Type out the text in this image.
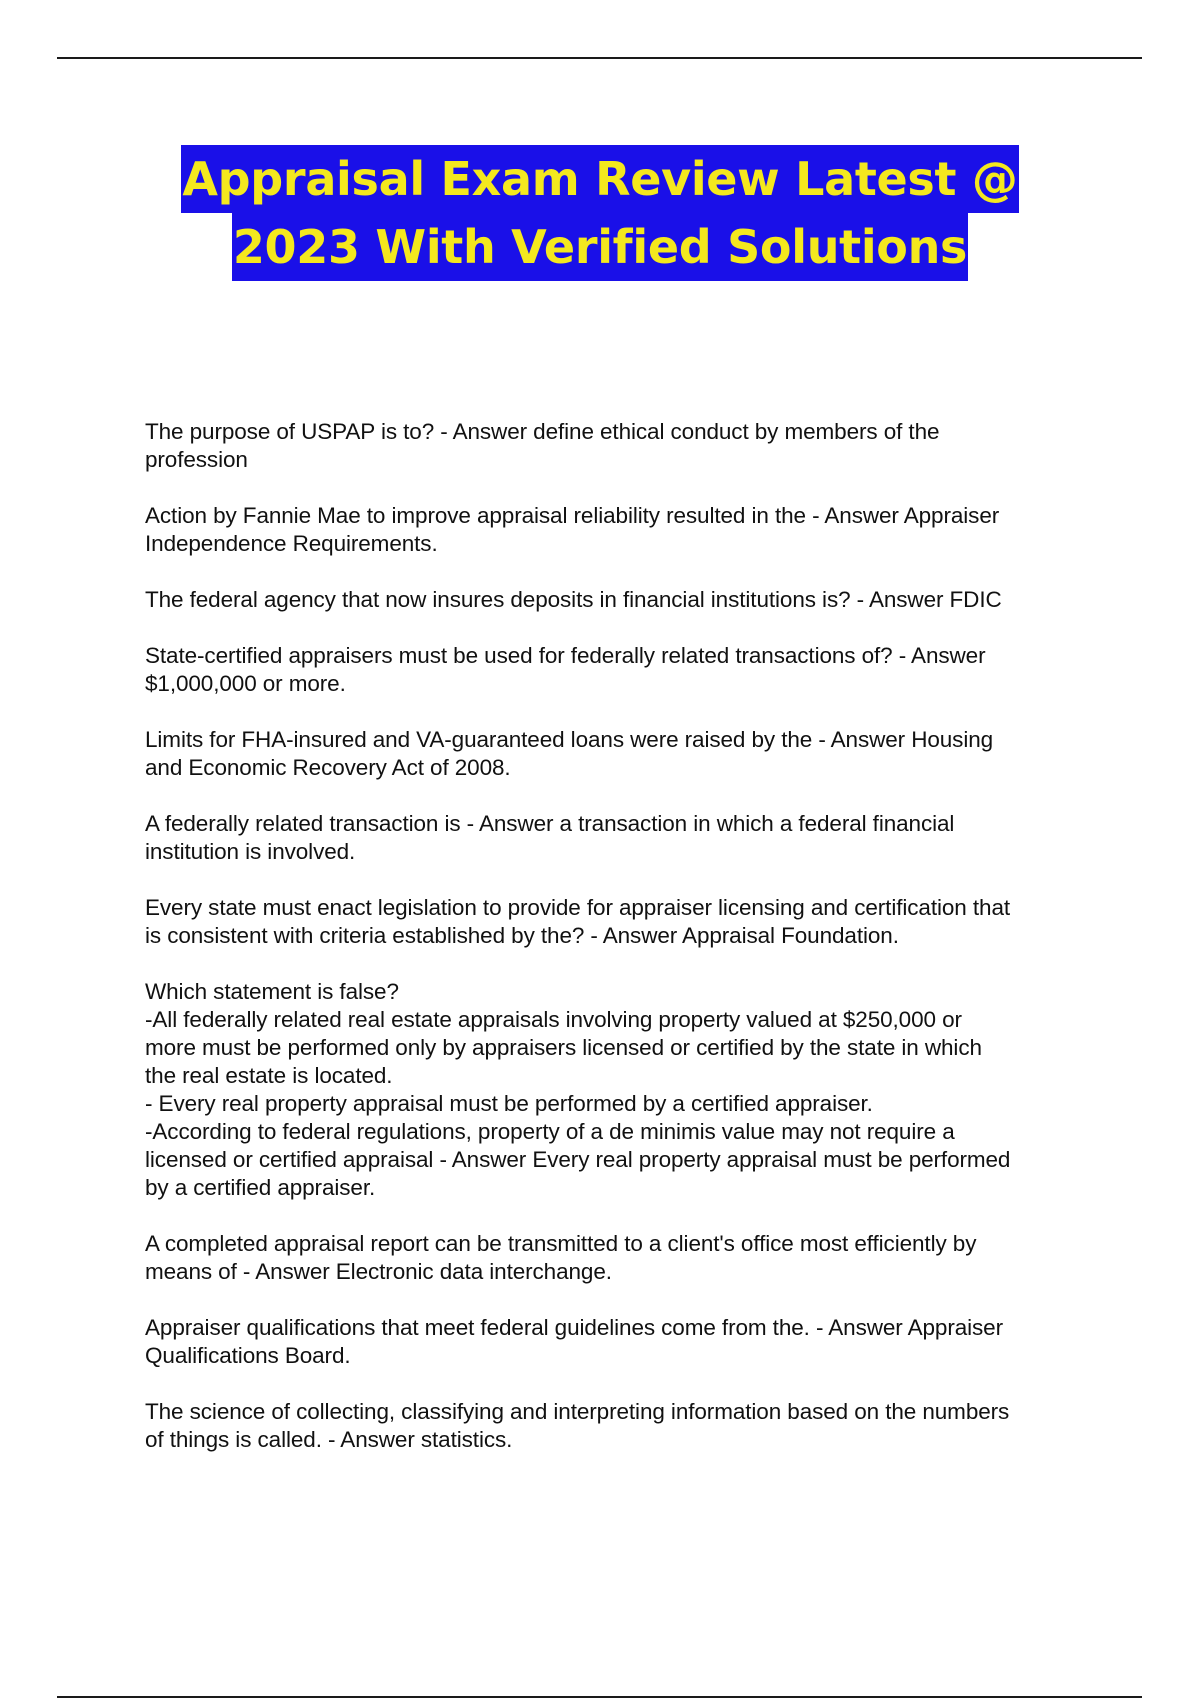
Appraisal Exam Review Latest @
2023 With Verified Solutions
The purpose of USPAP is to? - Answer define ethical conduct by members of the
profession
Action by Fannie Mae to improve appraisal reliability resulted in the - Answer Appraiser
Independence Requirements.
The federal agency that now insures deposits in financial institutions is? - Answer FDIC
State-certified appraisers must be used for federally related transactions of? - Answer
$1,000,000 or more.
Limits for FHA-insured and VA-guaranteed loans were raised by the - Answer Housing
and Economic Recovery Act of 2008.
A federally related transaction is - Answer a transaction in which a federal financial
institution is involved.
Every state must enact legislation to provide for appraiser licensing and certification that
is consistent with criteria established by the? - Answer Appraisal Foundation.
Which statement is false?
-All federally related real estate appraisals involving property valued at $250,000 or
more must be performed only by appraisers licensed or certified by the state in which
the real estate is located.
- Every real property appraisal must be performed by a certified appraiser.
-According to federal regulations, property of a de minimis value may not require a
licensed or certified appraisal - Answer Every real property appraisal must be performed
by a certified appraiser.
A completed appraisal report can be transmitted to a client's office most efficiently by
means of - Answer Electronic data interchange.
Appraiser qualifications that meet federal guidelines come from the. - Answer Appraiser
Qualifications Board.
The science of collecting, classifying and interpreting information based on the numbers
of things is called. - Answer statistics.
